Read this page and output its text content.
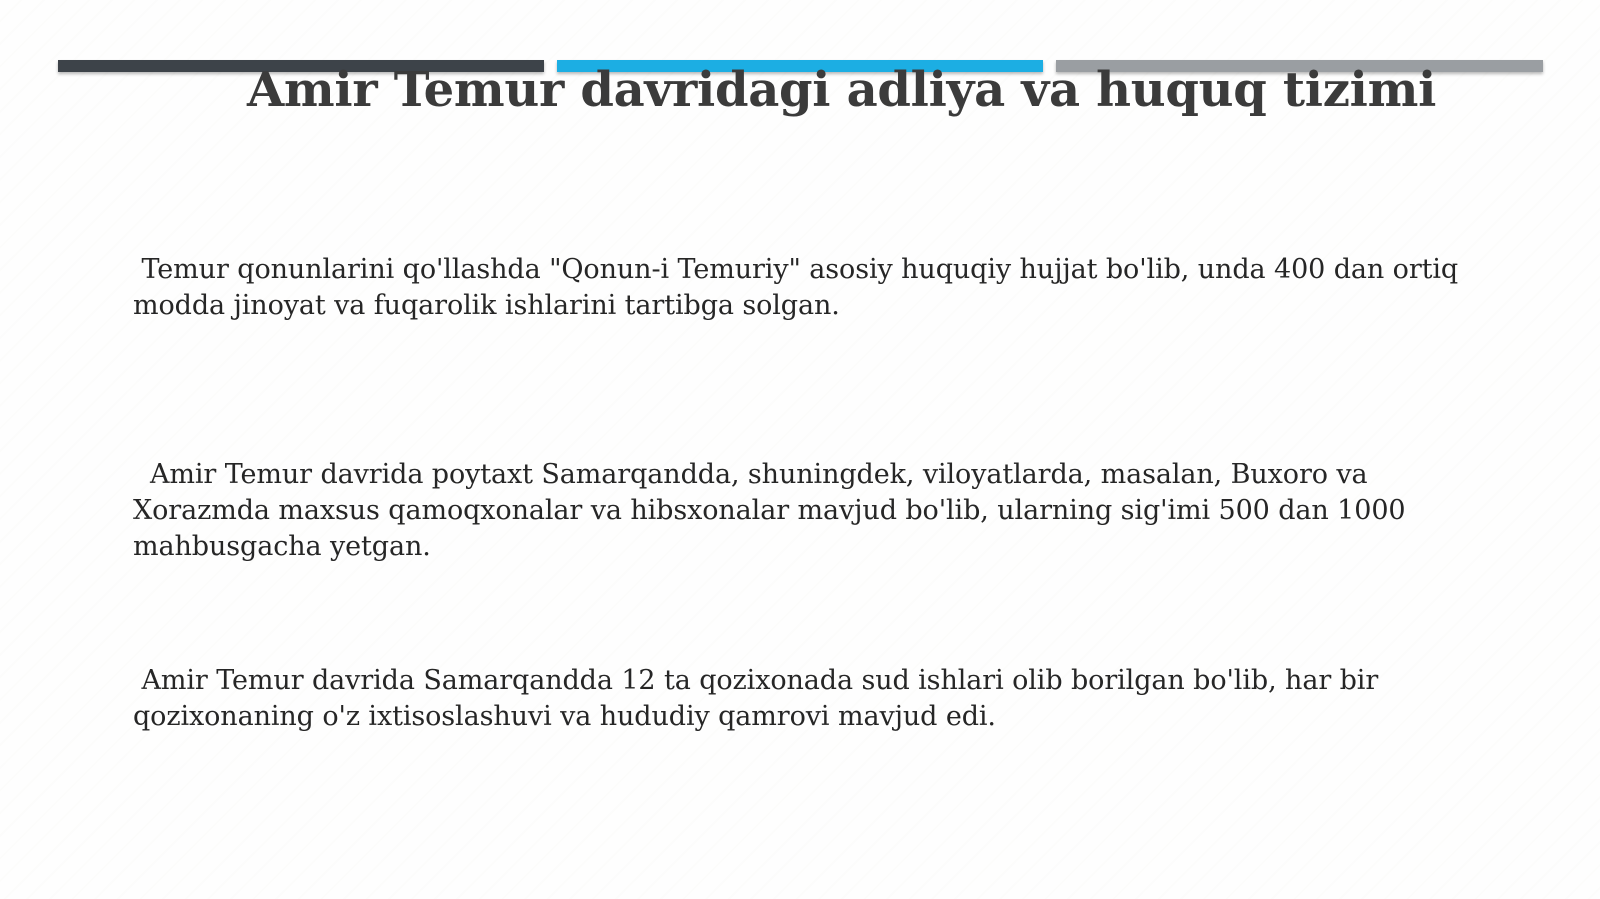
Amir Temur davridagi adliya va huquq tizimi

Temur qonunlarini qo'llashda "Qonun-i Temuriy" asosiy huquqiy hujjat bo'lib, unda 400 dan ortiq modda jinoyat va fuqarolik ishlarini tartibga solgan.

Amir Temur davrida poytaxt Samarqandda, shuningdek, viloyatlarda, masalan, Buxoro va Xorazmda maxsus qamoqxonalar va hibsxonalar mavjud bo'lib, ularning sig'imi 500 dan 1000 mahbusgacha yetgan.

Amir Temur davrida Samarqandda 12 ta qozixonada sud ishlari olib borilgan bo'lib, har bir qozixonaning o'z ixtisoslashuvi va hududiy qamrovi mavjud edi.
